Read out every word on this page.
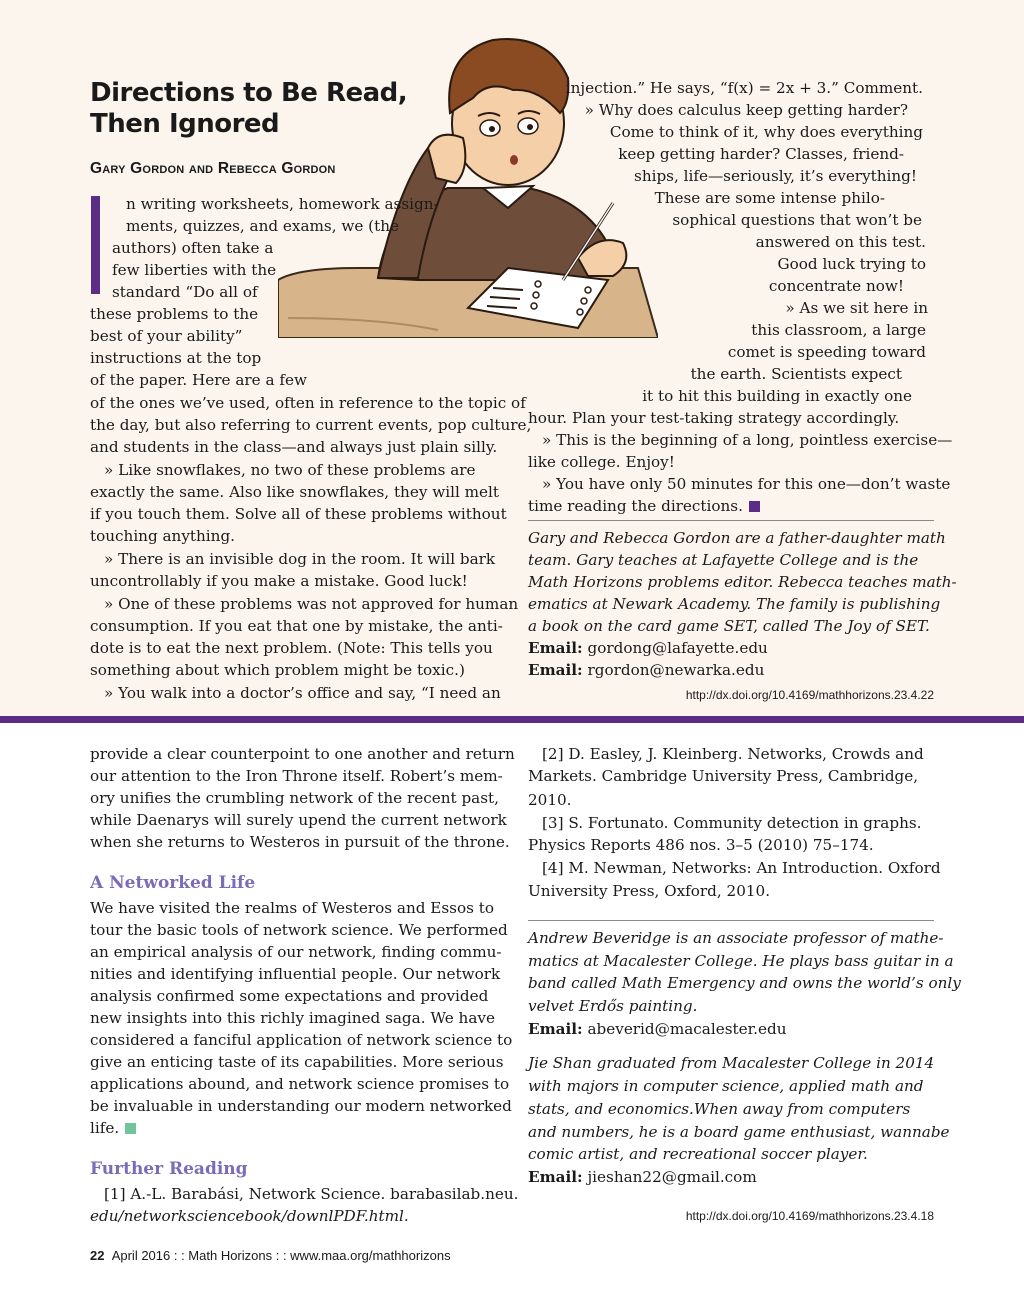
Directions to Be Read,
Then Ignored
Gary Gordon and Rebecca Gordon
n writing worksheets, homework assign-
ments, quizzes, and exams, we (the
authors) often take a
few liberties with the
standard “Do all of
these problems to the
best of your ability”
instructions at the top
of the paper. Here are a few
of the ones we’ve used, often in reference to the topic of
the day, but also referring to current events, pop culture,
and students in the class—and always just plain silly.
» Like snowflakes, no two of these problems are
exactly the same. Also like snowflakes, they will melt
if you touch them. Solve all of these problems without
touching anything.
» There is an invisible dog in the room. It will bark
uncontrollably if you make a mistake. Good luck!
» One of these problems was not approved for human
consumption. If you eat that one by mistake, the anti-
dote is to eat the next problem. (Note: This tells you
something about which problem might be toxic.)
» You walk into a doctor’s office and say, “I need an
injection.” He says, “f(x) = 2x + 3.” Comment.
» Why does calculus keep getting harder?
Come to think of it, why does everything
keep getting harder? Classes, friend-
ships, life—seriously, it’s everything!
These are some intense philo-
sophical questions that won’t be
answered on this test.
Good luck trying to
concentrate now!
» As we sit here in
this classroom, a large
comet is speeding toward
the earth. Scientists expect
it to hit this building in exactly one
hour. Plan your test-taking strategy accordingly.
» This is the beginning of a long, pointless exercise—
like college. Enjoy!
» You have only 50 minutes for this one—don’t waste
time reading the directions.
Gary and Rebecca Gordon are a father-daughter math
team. Gary teaches at Lafayette College and is the
Math Horizons problems editor. Rebecca teaches math-
ematics at Newark Academy. The family is publishing
a book on the card game SET, called The Joy of SET.
Email: gordong@lafayette.edu
Email: rgordon@newarka.edu
http://dx.doi.org/10.4169/mathhorizons.23.4.22
provide a clear counterpoint to one another and return
our attention to the Iron Throne itself. Robert’s mem-
ory unifies the crumbling network of the recent past,
while Daenarys will surely upend the current network
when she returns to Westeros in pursuit of the throne.
A Networked Life
We have visited the realms of Westeros and Essos to
tour the basic tools of network science. We performed
an empirical analysis of our network, finding commu-
nities and identifying influential people. Our network
analysis confirmed some expectations and provided
new insights into this richly imagined saga. We have
considered a fanciful application of network science to
give an enticing taste of its capabilities. More serious
applications abound, and network science promises to
be invaluable in understanding our modern networked
life.
Further Reading
[1] A.-L. Barabási, Network Science. barabasilab.neu.
edu/networksciencebook/downlPDF.html.
[2] D. Easley, J. Kleinberg. Networks, Crowds and
Markets. Cambridge University Press, Cambridge,
2010.
[3] S. Fortunato. Community detection in graphs.
Physics Reports 486 nos. 3–5 (2010) 75–174.
[4] M. Newman, Networks: An Introduction. Oxford
University Press, Oxford, 2010.
Andrew Beveridge is an associate professor of mathe-
matics at Macalester College. He plays bass guitar in a
band called Math Emergency and owns the world’s only
velvet Erdős painting.
Email: abeverid@macalester.edu
Jie Shan graduated from Macalester College in 2014
with majors in computer science, applied math and
stats, and economics.When away from computers
and numbers, he is a board game enthusiast, wannabe
comic artist, and recreational soccer player.
Email: jieshan22@gmail.com
http://dx.doi.org/10.4169/mathhorizons.23.4.18
22 April 2016 : : Math Horizons : : www.maa.org/mathhorizons
